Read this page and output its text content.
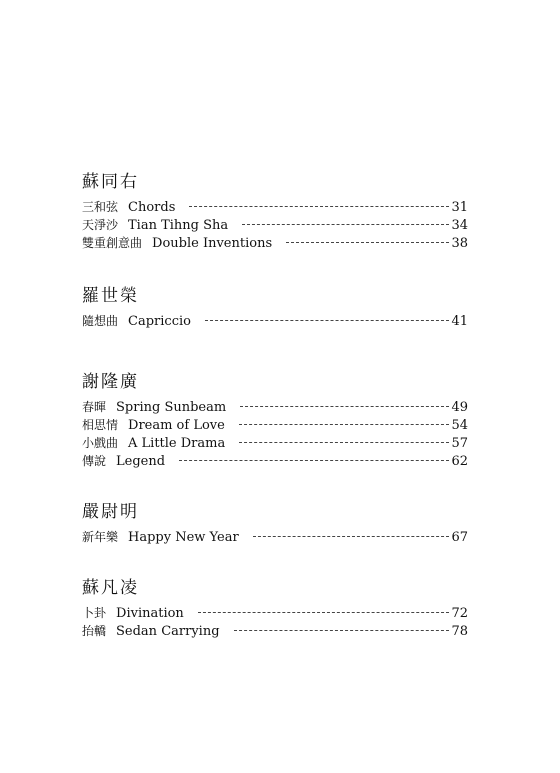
蘇同右
三和弦 Chords	31
天淨沙 Tian Tihng Sha	34
雙重創意曲 Double Inventions	38
羅世榮
隨想曲 Capriccio	41
謝隆廣
春暉 Spring Sunbeam	49
相思情 Dream of Love	54
小戲曲 A Little Drama	57
傳說 Legend	62
嚴尉明
新年樂 Happy New Year	67
蘇凡凌
卜卦 Divination	72
抬轎 Sedan Carrying	78
